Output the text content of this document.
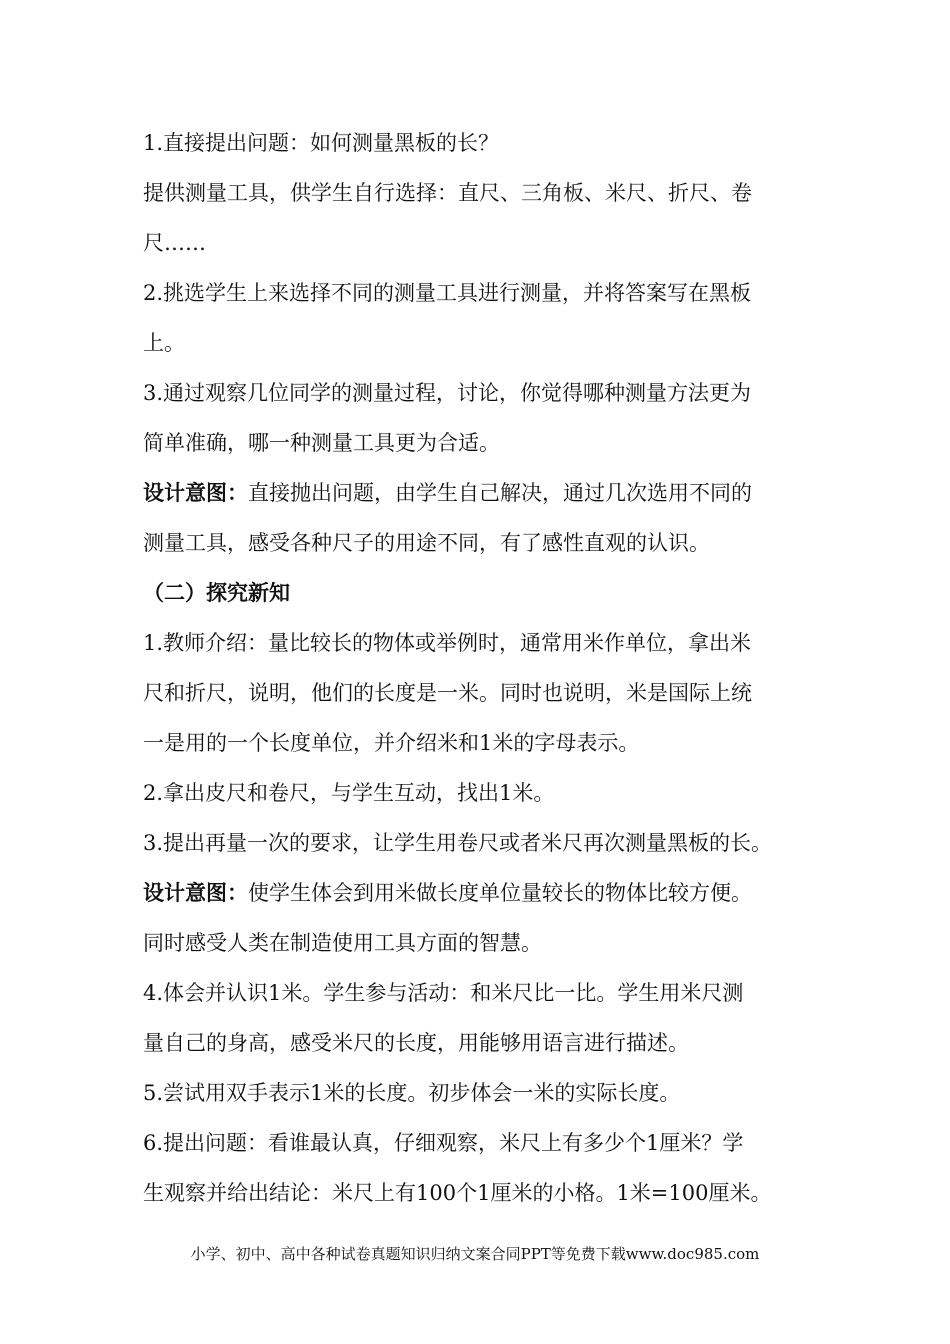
1.直接提出问题：如何测量黑板的长？
提供测量工具，供学生自行选择：直尺、三角板、米尺、折尺、卷
尺……
2.挑选学生上来选择不同的测量工具进行测量，并将答案写在黑板
上。
3.通过观察几位同学的测量过程，讨论，你觉得哪种测量方法更为
简单准确，哪一种测量工具更为合适。
设计意图：直接抛出问题，由学生自己解决，通过几次选用不同的
测量工具，感受各种尺子的用途不同，有了感性直观的认识。
（二）探究新知
1.教师介绍：量比较长的物体或举例时，通常用米作单位，拿出米
尺和折尺，说明，他们的长度是一米。同时也说明，米是国际上统
一是用的一个长度单位，并介绍米和1米的字母表示。
2.拿出皮尺和卷尺，与学生互动，找出1米。
3.提出再量一次的要求，让学生用卷尺或者米尺再次测量黑板的长。
设计意图：使学生体会到用米做长度单位量较长的物体比较方便。
同时感受人类在制造使用工具方面的智慧。
4.体会并认识1米。学生参与活动：和米尺比一比。学生用米尺测
量自己的身高，感受米尺的长度，用能够用语言进行描述。
5.尝试用双手表示1米的长度。初步体会一米的实际长度。
6.提出问题：看谁最认真，仔细观察，米尺上有多少个1厘米？学
生观察并给出结论：米尺上有100个1厘米的小格。1米=100厘米。
小学、初中、高中各种试卷真题知识归纳文案合同PPT等免费下载www.doc985.com
